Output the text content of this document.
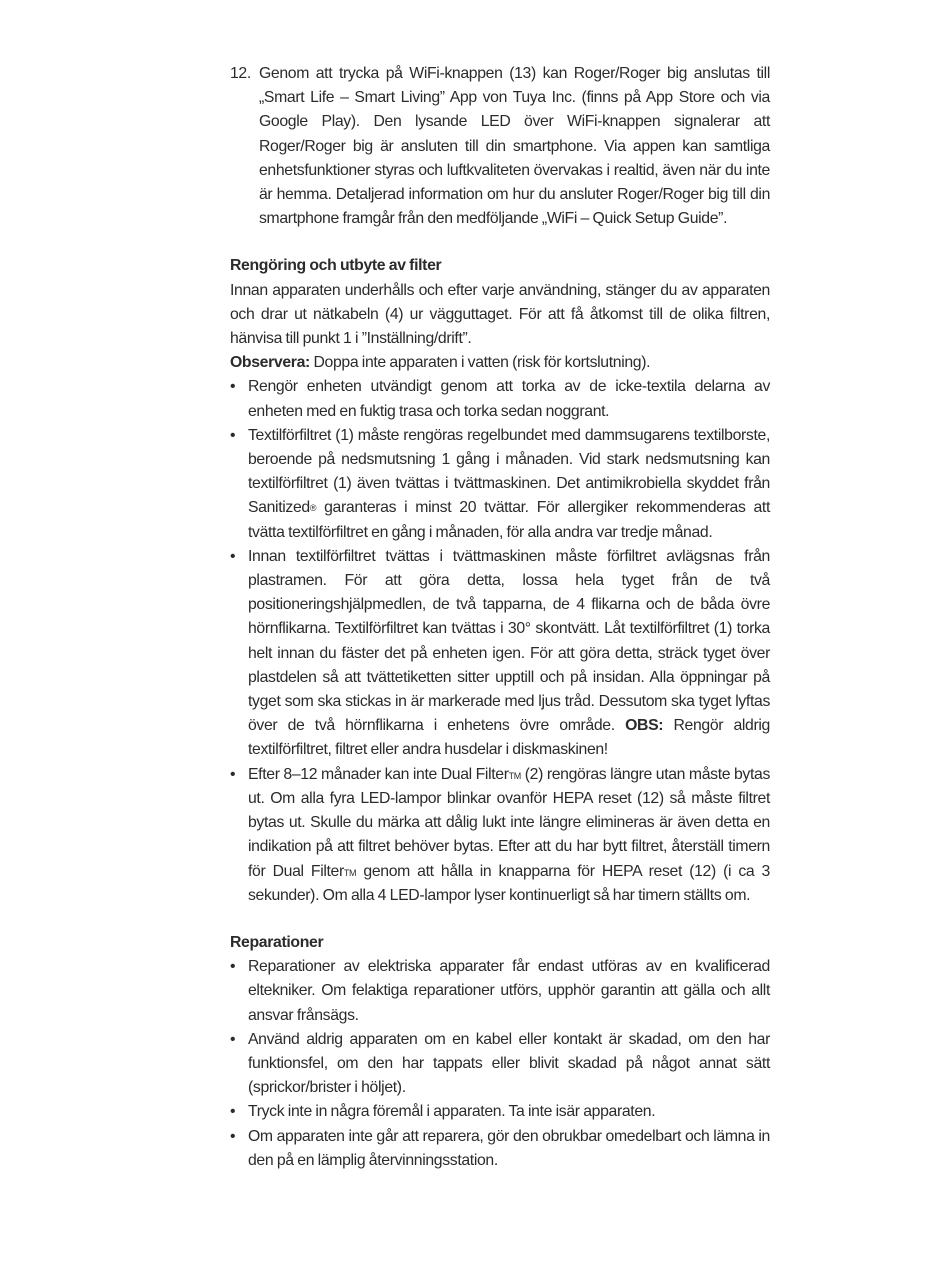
12. Genom att trycka på WiFi-knappen (13) kan Roger/Roger big anslutas till „Smart Life – Smart Living” App von Tuya Inc. (finns på App Store och via Google Play). Den lysande LED över WiFi-knappen signalerar att Roger/Roger big är ansluten till din smartphone. Via appen kan samtliga enhetsfunktioner styras och luftkvaliteten övervakas i realtid, även när du inte är hemma. Detaljerad information om hur du ansluter Roger/Roger big till din smartphone framgår från den medföljande „WiFi – Quick Setup Guide”.
Rengöring och utbyte av filter

Innan apparaten underhålls och efter varje användning, stänger du av apparaten och drar ut nätkabeln (4) ur vägguttaget. För att få åtkomst till de olika filtren, hänvisa till punkt 1 i ”Inställning/drift”.

Observera: Doppa inte apparaten i vatten (risk för kortslutning).

• Rengör enheten utvändigt genom att torka av de icke-textila delarna av enheten med en fuktig trasa och torka sedan noggrant.
• Textilförfiltret (1) måste rengöras regelbundet med dammsugarens textilborste, beroende på nedsmutsning 1 gång i månaden. Vid stark nedsmutsning kan textilförfiltret (1) även tvättas i tvättmaskinen. Det antimikrobiella skyddet från Sanitized® garanteras i minst 20 tvättar. För allergiker rekommenderas att tvätta textilförfiltret en gång i månaden, för alla andra var tredje månad.
• Innan textilförfiltret tvättas i tvättmaskinen måste förfiltret avlägsnas från plastramen. För att göra detta, lossa hela tyget från de två positioneringshjälpmedlen, de två tapparna, de 4 flikarna och de båda övre hörnflikarna. Textilförfiltret kan tvättas i 30° skontvätt. Låt textilförfiltret (1) torka helt innan du fäster det på enheten igen. För att göra detta, sträck tyget över plastdelen så att tvättetiketten sitter upptill och på insidan. Alla öppningar på tyget som ska stickas in är markerade med ljus tråd. Dessutom ska tyget lyftas över de två hörnflikarna i enhetens övre område. OBS: Rengör aldrig textilförfiltret, filtret eller andra husdelar i diskmaskinen!
• Efter 8–12 månader kan inte Dual Filter™ (2) rengöras längre utan måste bytas ut. Om alla fyra LED-lampor blinkar ovanför HEPA reset (12) så måste filtret bytas ut. Skulle du märka att dålig lukt inte längre elimineras är även detta en indikation på att filtret behöver bytas. Efter att du har bytt filtret, återställ timern för Dual Filter™ genom att hålla in knapparna för HEPA reset (12) (i ca 3 sekunder). Om alla 4 LED-lampor lyser kontinuerligt så har timern ställts om.
Reparationer
• Reparationer av elektriska apparater får endast utföras av en kvalificerad eltekniker. Om felaktiga reparationer utförs, upphör garantin att gälla och allt ansvar frånsägs.
• Använd aldrig apparaten om en kabel eller kontakt är skadad, om den har funktionsfel, om den har tappats eller blivit skadad på något annat sätt (sprickor/brister i höljet).
• Tryck inte in några föremål i apparaten. Ta inte isär apparaten.
• Om apparaten inte går att reparera, gör den obrukbar omedelbart och lämna in den på en lämplig återvinningsstation.
